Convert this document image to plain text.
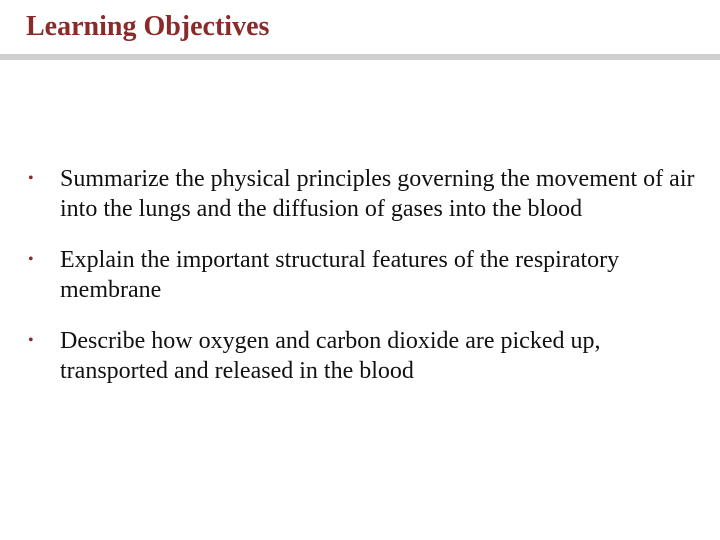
Learning Objectives
• Summarize the physical principles governing the movement of air into the lungs and the diffusion of gases into the blood
• Explain the important structural features of the respiratory membrane
• Describe how oxygen and carbon dioxide are picked up, transported and released in the blood
